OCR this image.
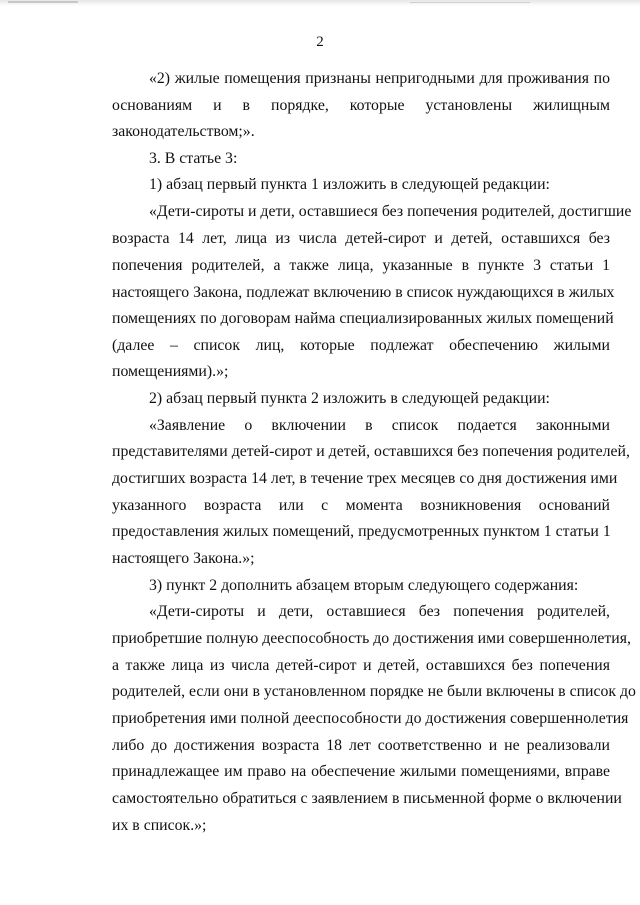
2
«2) жилые помещения признаны непригодными для проживания по
основаниям и в порядке, которые установлены жилищным
законодательством;».
3. В статье 3:
1) абзац первый пункта 1 изложить в следующей редакции:
«Дети-сироты и дети, оставшиеся без попечения родителей, достигшие
возраста 14 лет, лица из числа детей-сирот и детей, оставшихся без
попечения родителей, а также лица, указанные в пункте 3 статьи 1
настоящего Закона, подлежат включению в список нуждающихся в жилых
помещениях по договорам найма специализированных жилых помещений
(далее – список лиц, которые подлежат обеспечению жилыми
помещениями).»;
2) абзац первый пункта 2 изложить в следующей редакции:
«Заявление о включении в список подается законными
представителями детей-сирот и детей, оставшихся без попечения родителей,
достигших возраста 14 лет, в течение трех месяцев со дня достижения ими
указанного возраста или с момента возникновения оснований
предоставления жилых помещений, предусмотренных пунктом 1 статьи 1
настоящего Закона.»;
3) пункт 2 дополнить абзацем вторым следующего содержания:
«Дети-сироты и дети, оставшиеся без попечения родителей,
приобретшие полную дееспособность до достижения ими совершеннолетия,
а также лица из числа детей-сирот и детей, оставшихся без попечения
родителей, если они в установленном порядке не были включены в список до
приобретения ими полной дееспособности до достижения совершеннолетия
либо до достижения возраста 18 лет соответственно и не реализовали
принадлежащее им право на обеспечение жилыми помещениями, вправе
самостоятельно обратиться с заявлением в письменной форме о включении
их в список.»;
